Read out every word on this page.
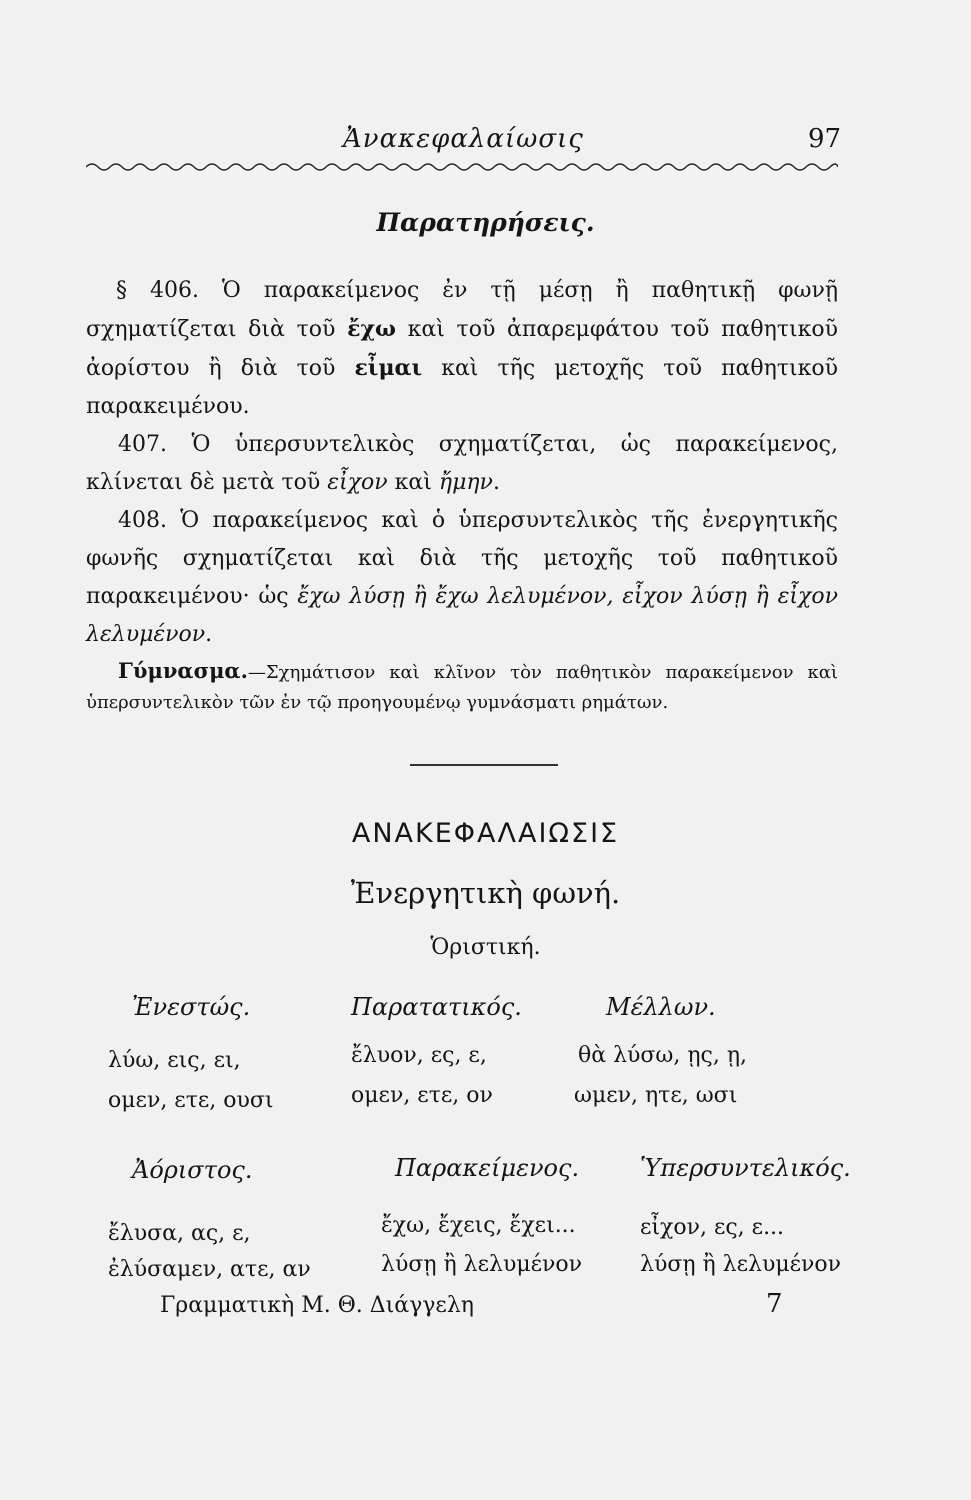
Ἀνακεφαλαίωσις	97
Παρατηρήσεις.

§ 406. Ὁ παρακείμενος ἐν τῇ μέσῃ ἢ παθητικῇ φωνῇ σχηματίζεται διὰ τοῦ ἔχω καὶ τοῦ ἀπαρεμφάτου τοῦ παθητικοῦ ἀορίστου ἢ διὰ τοῦ εἶμαι καὶ τῆς μετοχῆς τοῦ παθητικοῦ παρακειμένου.

407. Ὁ ὑπερσυντελικὸς σχηματίζεται, ὡς παρακείμενος, κλίνεται δὲ μετὰ τοῦ εἶχον καὶ ἤμην.

408. Ὁ παρακείμενος καὶ ὁ ὑπερσυντελικὸς τῆς ἐνεργητικῆς φωνῆς σχηματίζεται καὶ διὰ τῆς μετοχῆς τοῦ παθητικοῦ παρακειμένου· ὡς ἔχω λύσῃ ἢ ἔχω λελυμένον, εἶχον λύσῃ ἢ εἶχον λελυμένον.

Γύμνασμα.—Σχημάτισον καὶ κλῖνον τὸν παθητικὸν παρακείμενον καὶ ὑπερσυντελικὸν τῶν ἐν τῷ προηγουμένῳ γυμνάσματι ρημάτων.

ΑΝΑΚΕΦΑΛΑΙΩΣΙΣ
Ἐνεργητικὴ φωνή.
Ὁριστική.
Ἐνεστώς.	Παρατατικός.	Μέλλων.
λύω, εις, ει,	ἔλυον, ες, ε,	θὰ λύσω, ῃς, ῃ,
ομεν, ετε, ουσι	ομεν, ετε, ον	ωμεν, ητε, ωσι
Ἀόριστος.	Παρακείμενος.	Ὑπερσυντελικός.
ἔλυσα, ας, ε,	ἔχω, ἔχεις, ἔχει...	εἶχον, ες, ε...
ἐλύσαμεν, ατε, αν	λύσῃ ἢ λελυμένον	λύσῃ ἢ λελυμένον
Γραμματικὴ Μ. Θ. Διάγγελη	7
